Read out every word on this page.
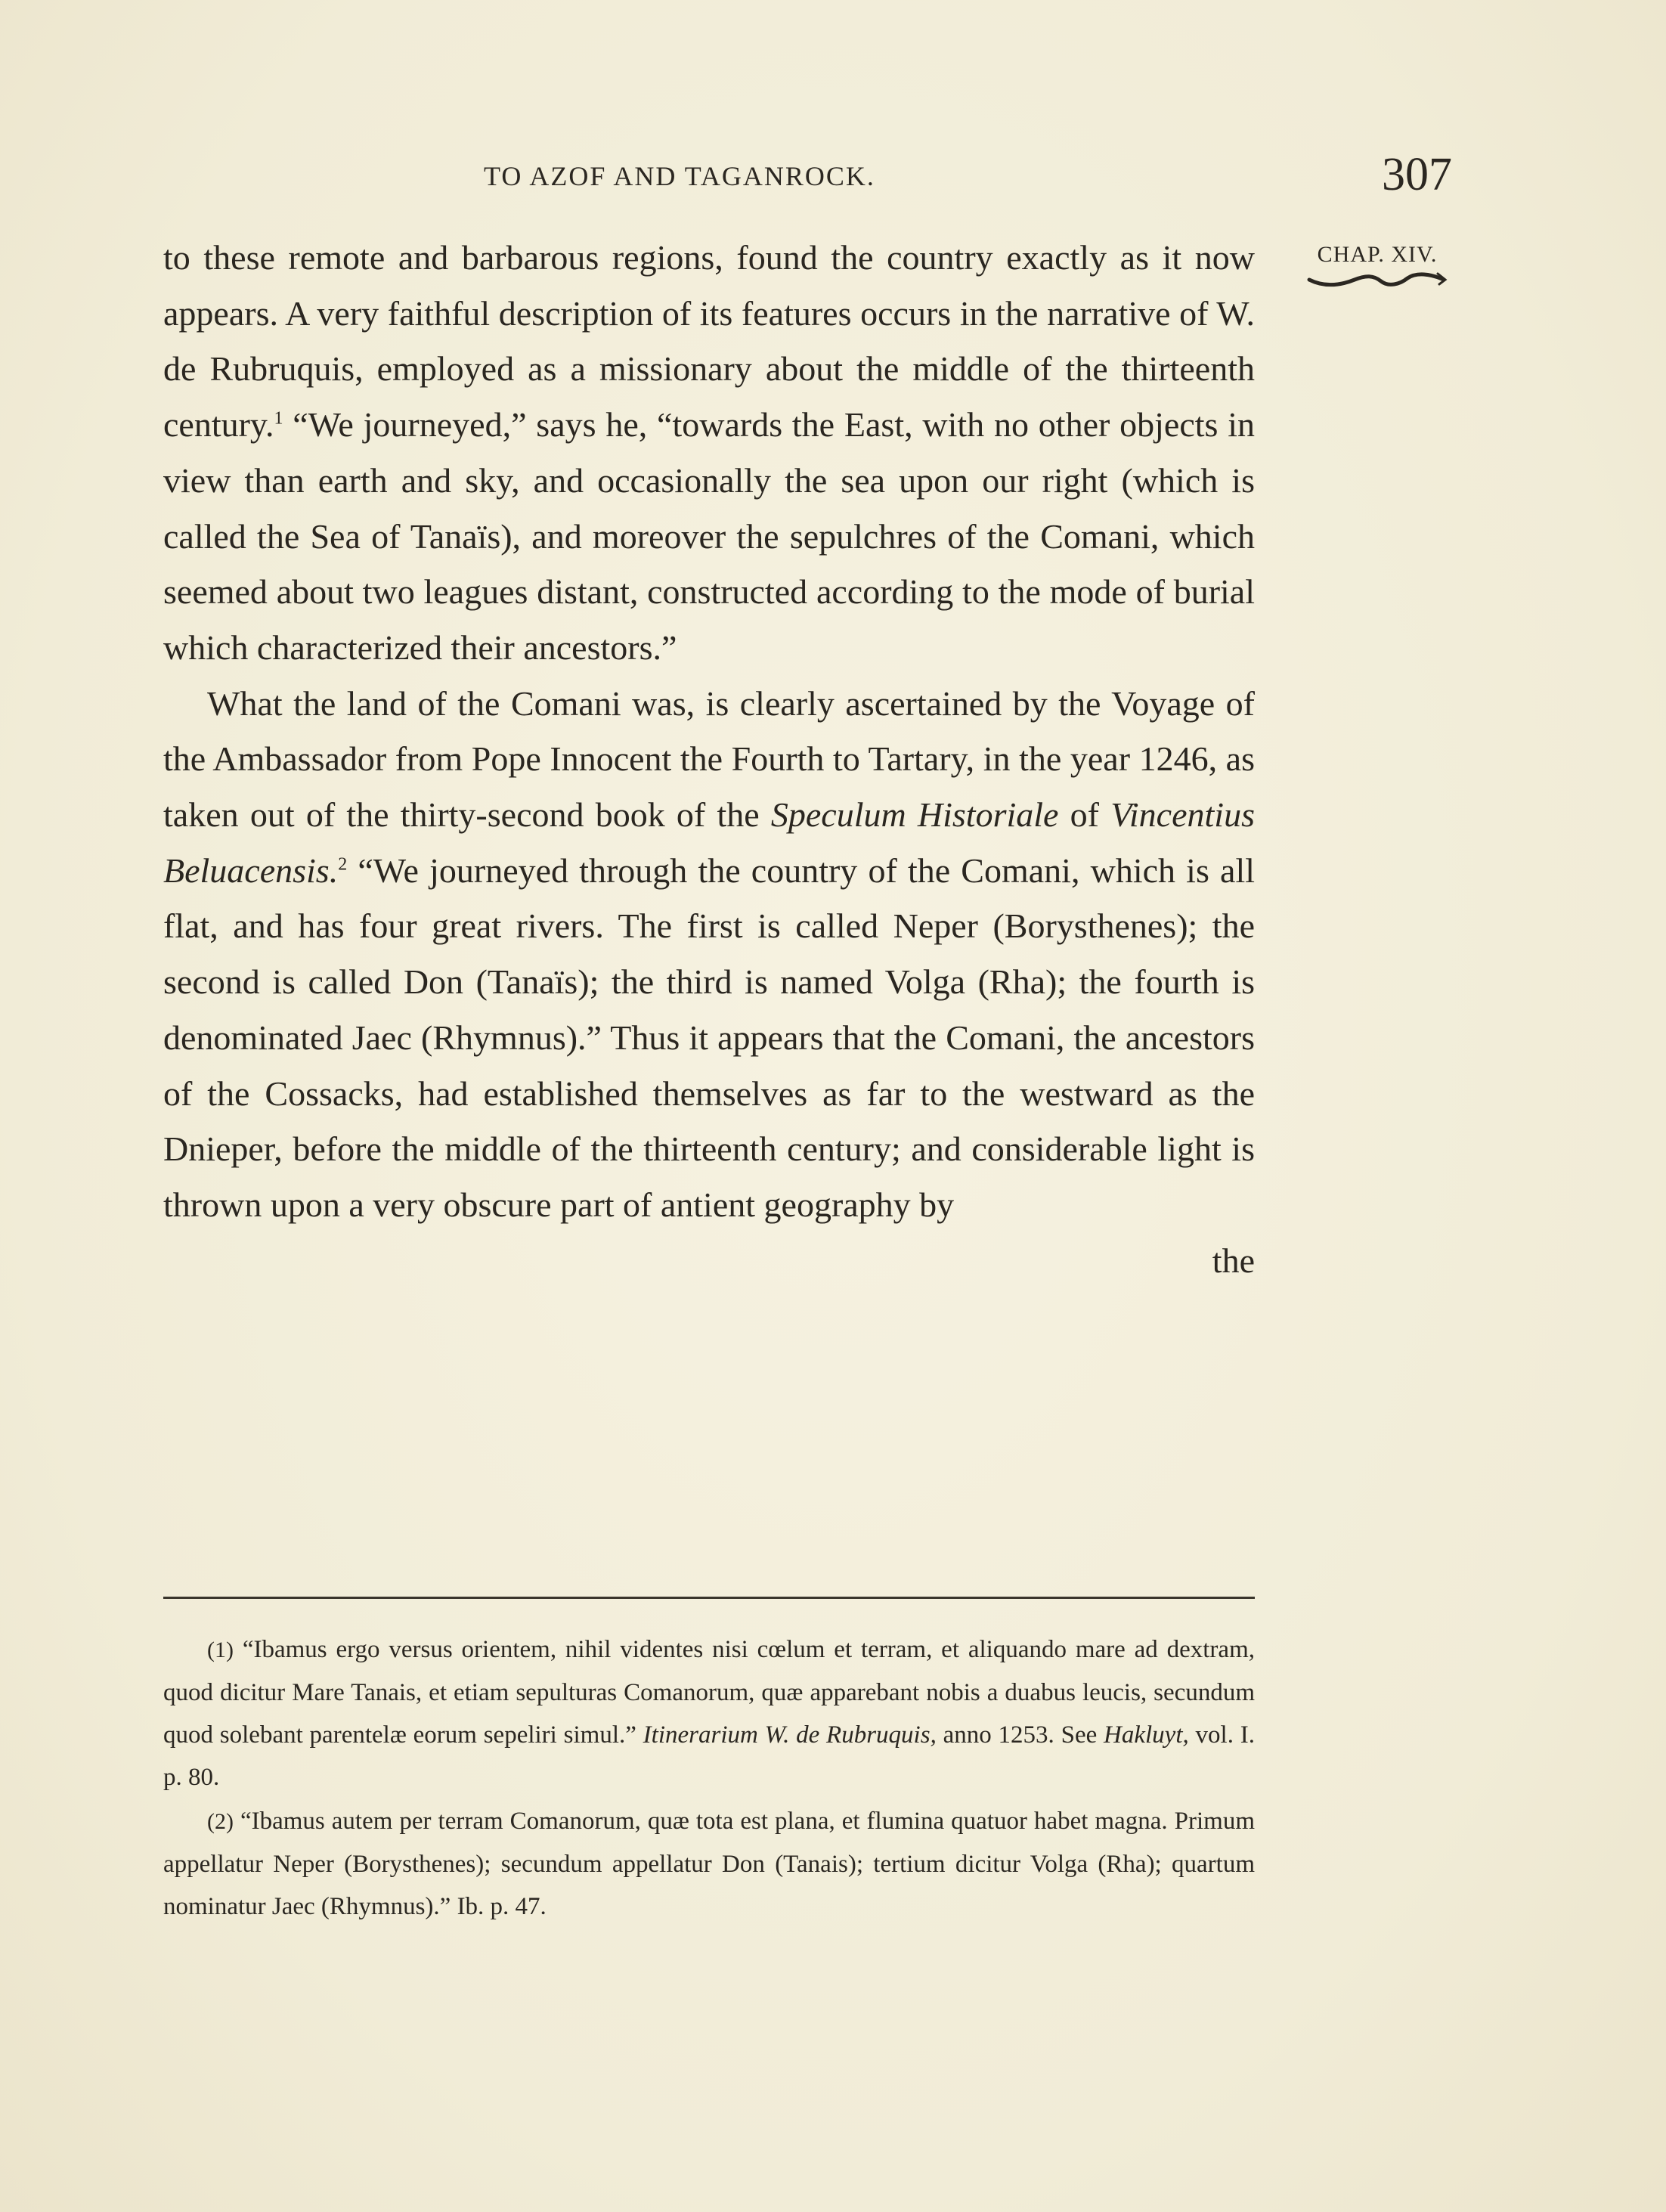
TO AZOF AND TAGANROCK.	307
CHAP. XIV.

to these remote and barbarous regions, found the country exactly as it now appears. A very faithful description of its features occurs in the narrative of W. de Rubruquis, employed as a missionary about the middle of the thirteenth century.$^1$ “We journeyed,” says he, “towards the East, with no other objects in view than earth and sky, and occasionally the sea upon our right (which is called the Sea of Tanaïs), and moreover the sepulchres of the Comani, which seemed about two leagues distant, constructed according to the mode of burial which characterized their ancestors.”

What the land of the Comani was, is clearly ascertained by the Voyage of the Ambassador from Pope Innocent the Fourth to Tartary, in the year 1246, as taken out of the thirty-second book of the Speculum Historiale of Vincentius Beluacensis.$^2$ “We journeyed through the country of the Comani, which is all flat, and has four great rivers. The first is called Neper (Borysthenes); the second is called Don (Tanaïs); the third is named Volga (Rha); the fourth is denominated Jaec (Rhymnus).” Thus it appears that the Comani, the ancestors of the Cossacks, had established themselves as far to the westward as the Dnieper, before the middle of the thirteenth century; and considerable light is thrown upon a very obscure part of antient geography by

the

(1) “Ibamus ergo versus orientem, nihil videntes nisi cœlum et terram, et aliquando mare ad dextram, quod dicitur Mare Tanais, et etiam sepulturas Comanorum, quæ apparebant nobis a duabus leucis, secundum quod solebant parentelæ eorum sepeliri simul.” Itinerarium W. de Rubruquis, anno 1253. See Hakluyt, vol. I. p. 80.

(2) “Ibamus autem per terram Comanorum, quæ tota est plana, et flumina quatuor habet magna. Primum appellatur Neper (Borysthenes); secundum appellatur Don (Tanais); tertium dicitur Volga (Rha); quartum nominatur Jaec (Rhymnus).” Ib. p. 47.
